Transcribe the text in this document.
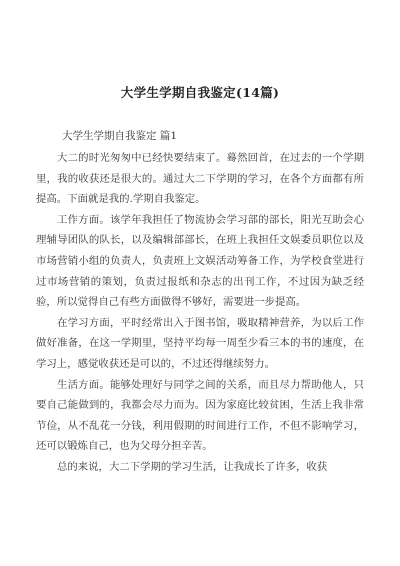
大学生学期自我鉴定(14篇)
大学生学期自我鉴定 篇1

大二的时光匆匆中已经快要结束了。蓦然回首，在过去的一个学期里，我的收获还是很大的。通过大二下学期的学习，在各个方面都有所提高。下面就是我的.学期自我鉴定。

工作方面。该学年我担任了物流协会学习部的部长，阳光互助会心理辅导团队的队长，以及编辑部部长，在班上我担任文娱委员职位以及市场营销小组的负责人，负责班上文娱活动筹备工作，为学校食堂进行过市场营销的策划，负责过报纸和杂志的出刊工作，不过因为缺乏经验，所以觉得自己有些方面做得不够好，需要进一步提高。

在学习方面，平时经常出入于图书馆，吸取精神营养，为以后工作做好准备，在这一学期里，坚持平均每一周至少看三本的书的速度，在学习上，感觉收获还是可以的，不过还得继续努力。

生活方面。能够处理好与同学之间的关系，而且尽力帮助他人，只要自己能做到的，我都会尽力而为。因为家庭比较贫困，生活上我非常节俭，从不乱花一分钱，利用假期的时间进行工作，不但不影响学习，还可以锻炼自己，也为父母分担辛苦。

总的来说，大二下学期的学习生活，让我成长了许多，收获
